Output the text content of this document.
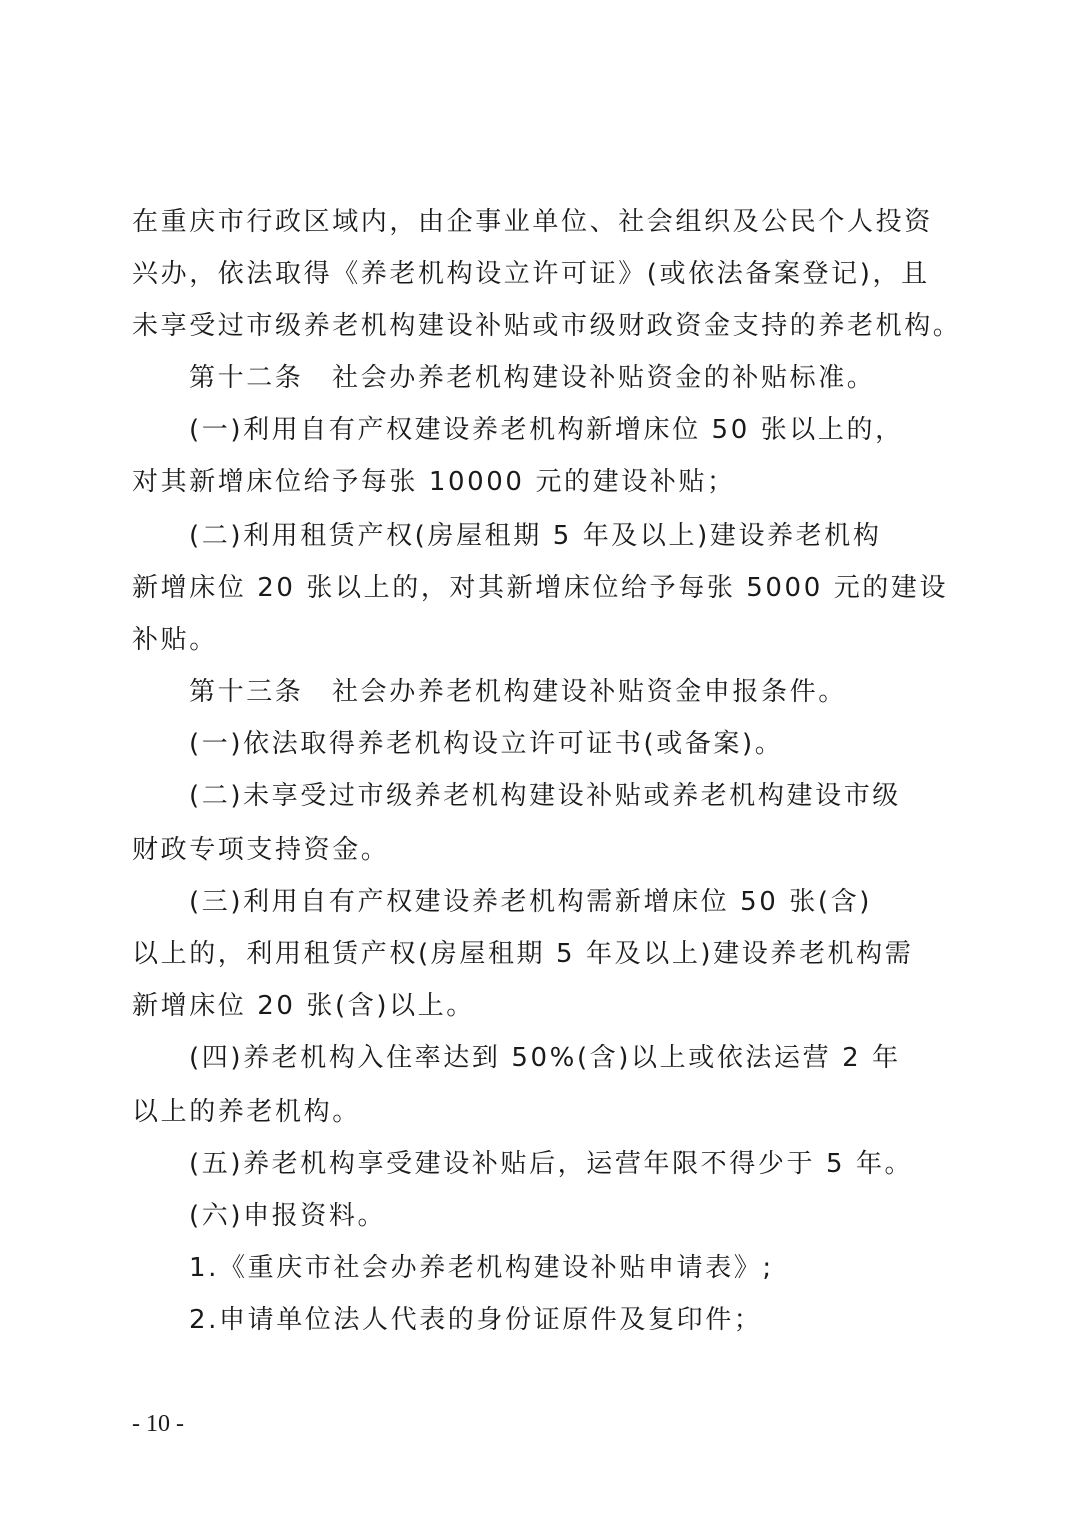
在重庆市行政区域内，由企事业单位、社会组织及公民个人投资
兴办，依法取得《养老机构设立许可证》(或依法备案登记)，且
未享受过市级养老机构建设补贴或市级财政资金支持的养老机构。
第十二条　社会办养老机构建设补贴资金的补贴标准。
(一)利用自有产权建设养老机构新增床位 50 张以上的，
对其新增床位给予每张 10000 元的建设补贴；
(二)利用租赁产权(房屋租期 5 年及以上)建设养老机构
新增床位 20 张以上的，对其新增床位给予每张 5000 元的建设
补贴。
第十三条　社会办养老机构建设补贴资金申报条件。
(一)依法取得养老机构设立许可证书(或备案)。
(二)未享受过市级养老机构建设补贴或养老机构建设市级
财政专项支持资金。
(三)利用自有产权建设养老机构需新增床位 50 张(含)
以上的，利用租赁产权(房屋租期 5 年及以上)建设养老机构需
新增床位 20 张(含)以上。
(四)养老机构入住率达到 50%(含)以上或依法运营 2 年
以上的养老机构。
(五)养老机构享受建设补贴后，运营年限不得少于 5 年。
(六)申报资料。
1.《重庆市社会办养老机构建设补贴申请表》;
2.申请单位法人代表的身份证原件及复印件；
- 10 -
